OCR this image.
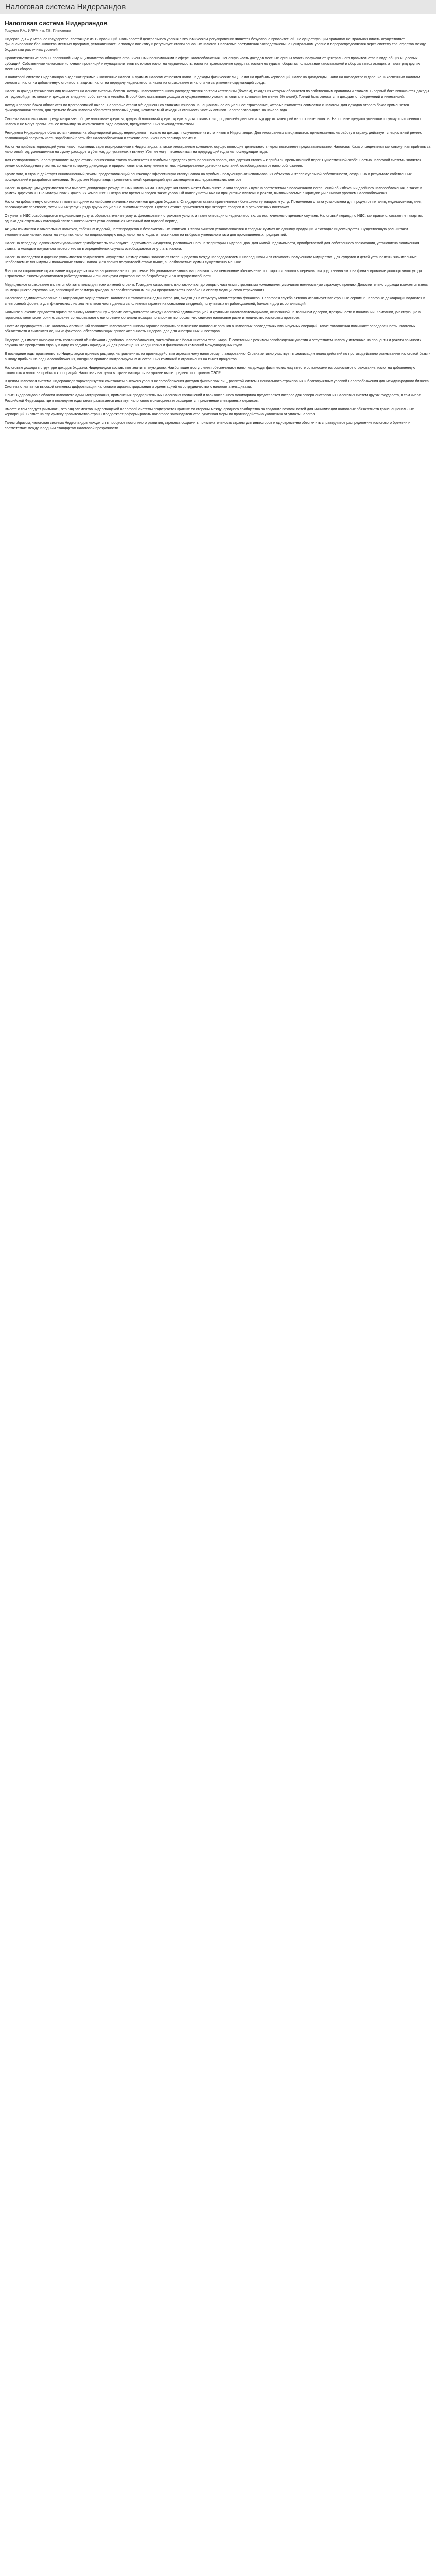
Налоговая система Нидерландов
Налоговая система Нидерландов
Гошунов Р.А., ИЛРМ им. Г.В. Плеханова

Нидерланды – унитарное государство, состоящее из 12 провинций. Роль властей центрального уровня в экономическом регулировании является безусловно приоритетной. По существующим правилам центральная власть осуществляет финансирование большинства местных программ, устанавливает налоговую политику и регулирует ставки основных налогов. Налоговые поступления сосредоточены на центральном уровне и перераспределяются через систему трансфертов между бюджетами различных уровней.

Правительственные органы провинций и муниципалитетов обладают ограниченными полномочиями в сфере налогообложения. Основную часть доходов местные органы власти получают от центрального правительства в виде общих и целевых субсидий. Собственные налоговые источники провинций и муниципалитетов включают налог на недвижимость, налог на транспортные средства, налоги на туризм, сборы за пользование канализацией и сбор за вывоз отходов, а также ряд других местных сборов.

В налоговой системе Нидерландов выделяют прямые и косвенные налоги. К прямым налогам относятся налог на доходы физических лиц, налог на прибыль корпораций, налог на дивиденды, налог на наследство и дарение. К косвенным налогам относятся налог на добавленную стоимость, акцизы, налог на передачу недвижимости, налог на страхование и налоги на загрязнение окружающей среды.

Налог на доходы физических лиц взимается на основе системы боксов. Доходы налогоплательщика распределяются по трём категориям (боксам), каждая из которых облагается по собственным правилам и ставкам. В первый бокс включаются доходы от трудовой деятельности и доходы от владения собственным жильём. Второй бокс охватывает доходы от существенного участия в капитале компании (не менее 5% акций). Третий бокс относится к доходам от сбережений и инвестиций.

Доходы первого бокса облагаются по прогрессивной шкале. Налоговые ставки объединены со ставками взносов на национальное социальное страхование, которые взимаются совместно с налогом. Для доходов второго бокса применяется фиксированная ставка, для третьего бокса налогом облагается условный доход, исчисляемый исходя из стоимости чистых активов налогоплательщика на начало года.

Система налоговых льгот предусматривает общие налоговые кредиты, трудовой налоговый кредит, кредиты для пожилых лиц, родителей-одиночек и ряд других категорий налогоплательщиков. Налоговые кредиты уменьшают сумму исчисленного налога и не могут превышать её величину, за исключением ряда случаев, предусмотренных законодательством.

Резиденты Нидерландов облагаются налогом на общемировой доход, нерезиденты – только на доходы, полученные из источников в Нидерландах. Для иностранных специалистов, привлекаемых на работу в страну, действует специальный режим, позволяющий получать часть заработной платы без налогообложения в течение ограниченного периода времени.

Налог на прибыль корпораций уплачивают компании, зарегистрированные в Нидерландах, а также иностранные компании, осуществляющие деятельность через постоянное представительство. Налоговая база определяется как совокупная прибыль за налоговый год, уменьшенная на сумму расходов и убытков, допускаемых к вычету. Убытки могут переноситься на предыдущий год и на последующие годы.

Для корпоративного налога установлены две ставки: пониженная ставка применяется к прибыли в пределах установленного порога, стандартная ставка – к прибыли, превышающей порог. Существенной особенностью налоговой системы является режим освобождения участия, согласно которому дивиденды и прирост капитала, полученные от квалифицированных дочерних компаний, освобождаются от налогообложения.

Кроме того, в стране действует инновационный режим, предоставляющий пониженную эффективную ставку налога на прибыль, полученную от использования объектов интеллектуальной собственности, созданных в результате собственных исследований и разработок компании. Это делает Нидерланды привлекательной юрисдикцией для размещения исследовательских центров.

Налог на дивиденды удерживается при выплате дивидендов резидентными компаниями. Стандартная ставка может быть снижена или сведена к нулю в соответствии с положениями соглашений об избежании двойного налогообложения, а также в рамках директивы ЕС о материнских и дочерних компаниях. С недавнего времени введён также условный налог у источника на процентные платежи и роялти, выплачиваемые в юрисдикции с низким уровнем налогообложения.

Налог на добавленную стоимость является одним из наиболее значимых источников доходов бюджета. Стандартная ставка применяется к большинству товаров и услуг. Пониженная ставка установлена для продуктов питания, медикаментов, книг, пассажирских перевозок, гостиничных услуг и ряда других социально значимых товаров. Нулевая ставка применяется при экспорте товаров и внутрисоюзных поставках.

От уплаты НДС освобождаются медицинские услуги, образовательные услуги, финансовые и страховые услуги, а также операции с недвижимостью, за исключением отдельных случаев. Налоговый период по НДС, как правило, составляет квартал, однако для отдельных категорий плательщиков может устанавливаться месячный или годовой период.

Акцизы взимаются с алкогольных напитков, табачных изделий, нефтепродуктов и безалкогольных напитков. Ставки акцизов устанавливаются в твёрдых суммах на единицу продукции и ежегодно индексируются. Существенную роль играют экологические налоги: налог на энергию, налог на водопроводную воду, налог на отходы, а также налог на выбросы углекислого газа для промышленных предприятий.

Налог на передачу недвижимости уплачивает приобретатель при покупке недвижимого имущества, расположенного на территории Нидерландов. Для жилой недвижимости, приобретаемой для собственного проживания, установлена пониженная ставка, а молодые покупатели первого жилья в определённых случаях освобождаются от уплаты налога.

Налог на наследство и дарение уплачивается получателем имущества. Размер ставки зависит от степени родства между наследодателем и наследником и от стоимости полученного имущества. Для супругов и детей установлены значительные необлагаемые минимумы и пониженные ставки налога. Для прочих получателей ставки выше, а необлагаемые суммы существенно меньше.

Взносы на социальное страхование подразделяются на национальные и отраслевые. Национальные взносы направляются на пенсионное обеспечение по старости, выплаты пережившим родственникам и на финансирование долгосрочного ухода. Отраслевые взносы уплачиваются работодателями и финансируют страхование по безработице и по нетрудоспособности.

Медицинское страхование является обязательным для всех жителей страны. Граждане самостоятельно заключают договоры с частными страховыми компаниями, уплачивая номинальную страховую премию. Дополнительно с дохода взимается взнос на медицинское страхование, зависящий от размера доходов. Малообеспеченным лицам предоставляется пособие на оплату медицинского страхования.

Налоговое администрирование в Нидерландах осуществляет Налоговая и таможенная администрация, входящая в структуру Министерства финансов. Налоговая служба активно использует электронные сервисы: налоговые декларации подаются в электронной форме, а для физических лиц значительная часть данных заполняется заранее на основании сведений, получаемых от работодателей, банков и других организаций.

Большое значение придаётся горизонтальному мониторингу – форме сотрудничества между налоговой администрацией и крупными налогоплательщиками, основанной на взаимном доверии, прозрачности и понимании. Компании, участвующие в горизонтальном мониторинге, заранее согласовывают с налоговыми органами позиции по спорным вопросам, что снижает налоговые риски и количество налоговых проверок.

Система предварительных налоговых соглашений позволяет налогоплательщикам заранее получить разъяснение налоговых органов о налоговых последствиях планируемых операций. Такие соглашения повышают определённость налоговых обязательств и считаются одним из факторов, обеспечивающих привлекательность Нидерландов для иностранных инвесторов.

Нидерланды имеют широкую сеть соглашений об избежании двойного налогообложения, заключённых с большинством стран мира. В сочетании с режимом освобождения участия и отсутствием налога у источника на проценты и роялти во многих случаях это превратило страну в одну из ведущих юрисдикций для размещения холдинговых и финансовых компаний международных групп.

В последние годы правительство Нидерландов приняло ряд мер, направленных на противодействие агрессивному налоговому планированию. Страна активно участвует в реализации плана действий по противодействию размыванию налоговой базы и выводу прибыли из-под налогообложения, внедрила правила контролируемых иностранных компаний и ограничения на вычет процентов.

Налоговые доходы в структуре доходов бюджета Нидерландов составляют значительную долю. Наибольшие поступления обеспечивают налог на доходы физических лиц вместе со взносами на социальное страхование, налог на добавленную стоимость и налог на прибыль корпораций. Налоговая нагрузка в стране находится на уровне выше среднего по странам ОЭСР.

В целом налоговая система Нидерландов характеризуется сочетанием высокого уровня налогообложения доходов физических лиц, развитой системы социального страхования и благоприятных условий налогообложения для международного бизнеса. Система отличается высокой степенью цифровизации налогового администрирования и ориентацией на сотрудничество с налогоплательщиками.

Опыт Нидерландов в области налогового администрирования, применения предварительных налоговых соглашений и горизонтального мониторинга представляет интерес для совершенствования налоговых систем других государств, в том числе Российской Федерации, где в последние годы также развивается институт налогового мониторинга и расширяется применение электронных сервисов.

Вместе с тем следует учитывать, что ряд элементов нидерландской налоговой системы подвергается критике со стороны международного сообщества за создание возможностей для минимизации налоговых обязательств транснациональных корпораций. В ответ на эту критику правительство страны продолжает реформировать налоговое законодательство, усиливая меры по противодействию уклонению от уплаты налогов.

Таким образом, налоговая система Нидерландов находится в процессе постоянного развития, стремясь сохранить привлекательность страны для инвесторов и одновременно обеспечить справедливое распределение налогового бремени и соответствие международным стандартам налоговой прозрачности.
